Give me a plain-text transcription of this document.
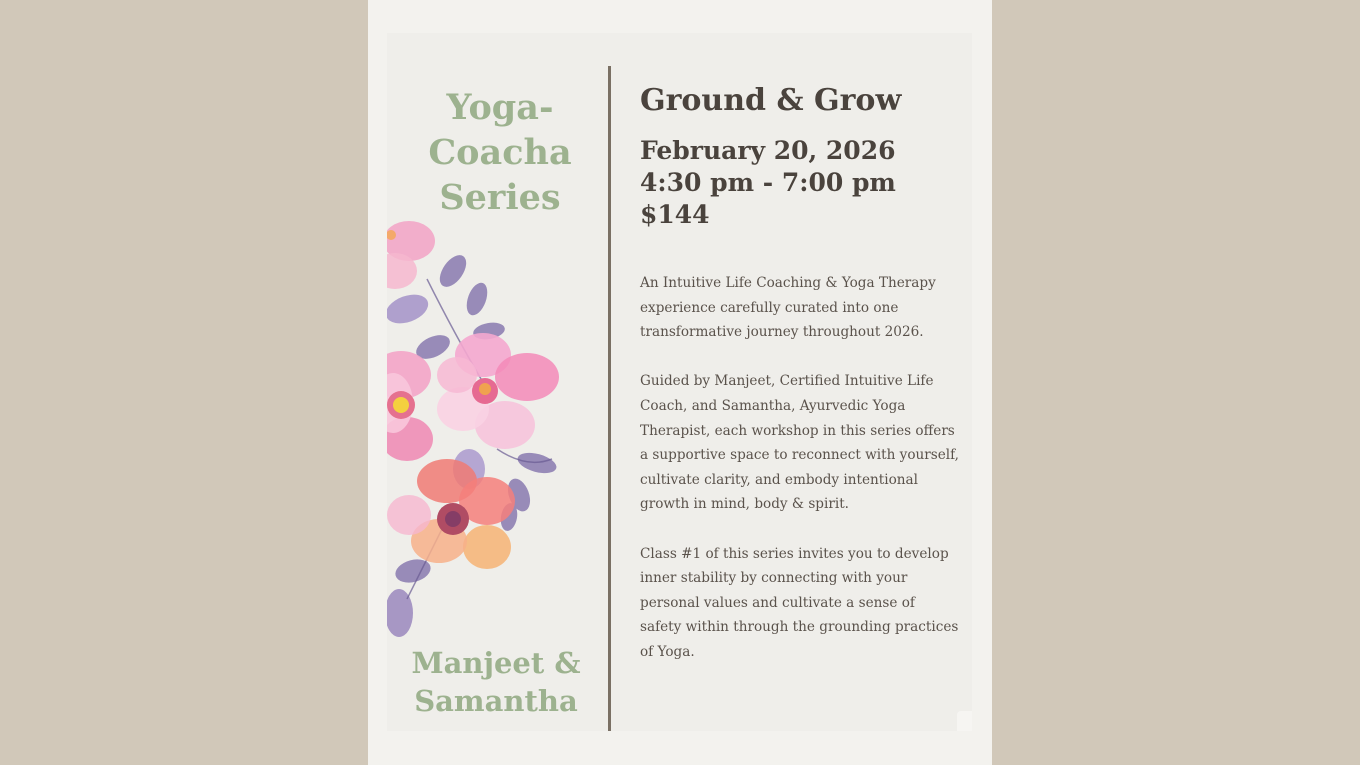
Yoga-
Coacha
Series
Manjeet &
Samantha
Ground & Grow
February 20, 2026
4:30 pm - 7:00 pm
$144

An Intuitive Life Coaching & Yoga Therapy experience carefully curated into one transformative journey throughout 2026.

Guided by Manjeet, Certified Intuitive Life Coach, and Samantha, Ayurvedic Yoga Therapist, each workshop in this series offers a supportive space to reconnect with yourself, cultivate clarity, and embody intentional growth in mind, body & spirit.

Class #1 of this series invites you to develop inner stability by connecting with your personal values and cultivate a sense of safety within through the grounding practices of Yoga.
